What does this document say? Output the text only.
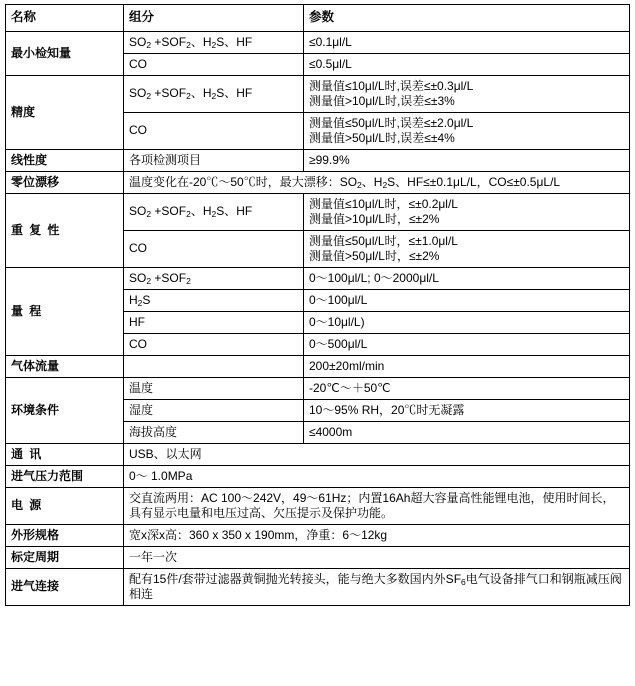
名称	组分	参数
最小检知量	$SO_2 +SOF_2$、$H_2S$、HF	≤0.1μl/L
	CO	≤0.5μl/L
精度	$SO_2 +SOF_2$、$H_2S$、HF	测量值≤10μl/L时,误差≤±0.3μl/L
测量值>10μl/L时,误差≤±3%
	CO	测量值≤50μl/L时,误差≤±2.0μl/L
测量值>50μl/L时,误差≤±4%
线性度	各项检测项目	≥99.9%
零位漂移	温度变化在-20℃～50℃时，最大漂移：$SO_2$、$H_2S$、HF≤±0.1μL/L，CO≤±0.5μL/L	
重 复 性	$SO_2 +SOF_2$、$H_2S$、HF	测量值≤10μl/L时，≤±0.2μl/L
测量值>10μl/L时，≤±2%
	CO	测量值≤50μl/L时，≤±1.0μl/L
测量值>50μl/L时，≤±2%
量 程	$SO_2 +SOF_2$	0～100μl/L; 0～2000μl/L
	$H_2S$	0～100μl/L
	HF	0～10μl/L)
	CO	0～500μl/L
气体流量		200±20ml/min
环境条件	温度	-20℃～＋50℃
	湿度	10～95% RH，20℃时无凝露
	海拔高度	≤4000m
通 讯	USB、以太网	
进气压力范围	0～ 1.0MPa	
电 源	交直流两用：AC 100～242V，49～61Hz；内置16Ah超大容量高性能锂电池，使用时间长，具有显示电量和电压过高、欠压提示及保护功能。	
外形规格	宽x深x高：360 x 350 x 190mm，净重：6～12kg	
标定周期	一年一次	
进气连接	配有15件/套带过滤器黄铜抛光转接头，能与绝大多数国内外$SF_6$电气设备排气口和钢瓶减压阀相连	
